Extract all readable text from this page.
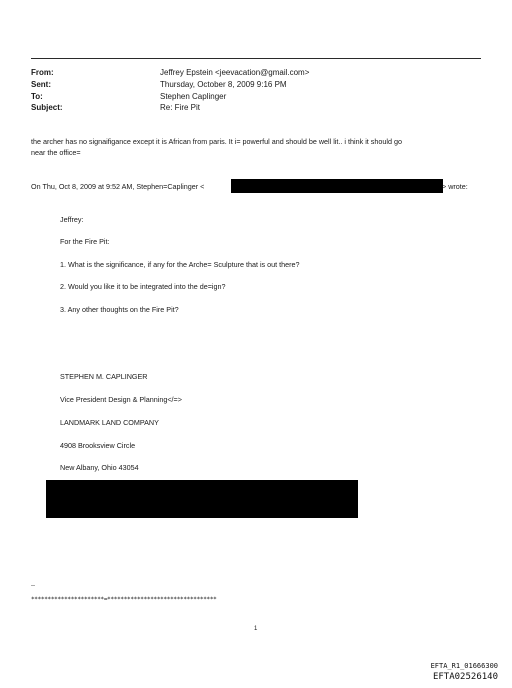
From:	Jeffrey Epstein <jeevacation@gmail.com>
Sent:	Thursday, October 8, 2009 9:16 PM
To:	Stephen Caplinger
Subject:	Re: Fire Pit
the archer has no signaifigance except it is African from paris. It i= powerful and should be well lit.. i think it should go
near the office=
On Thu, Oct 8, 2009 at 9:52 AM, Stephen=Caplinger <	> wrote:
Jeffrey:
For the Fire Pit:
1. What is the significance, if any for the Arche= Sculpture that is out there?
2. Would you like it to be integrated into the de=ign?
3. Any other thoughts on the Fire Pit?
STEPHEN M. CAPLINGER
Vice President Design & Planning</=>
LANDMARK LAND COMPANY
4908 Brooksview Circle
New Albany, Ohio 43054
--
**********************=*********************************
1
EFTA_R1_01666300
EFTA02526140
